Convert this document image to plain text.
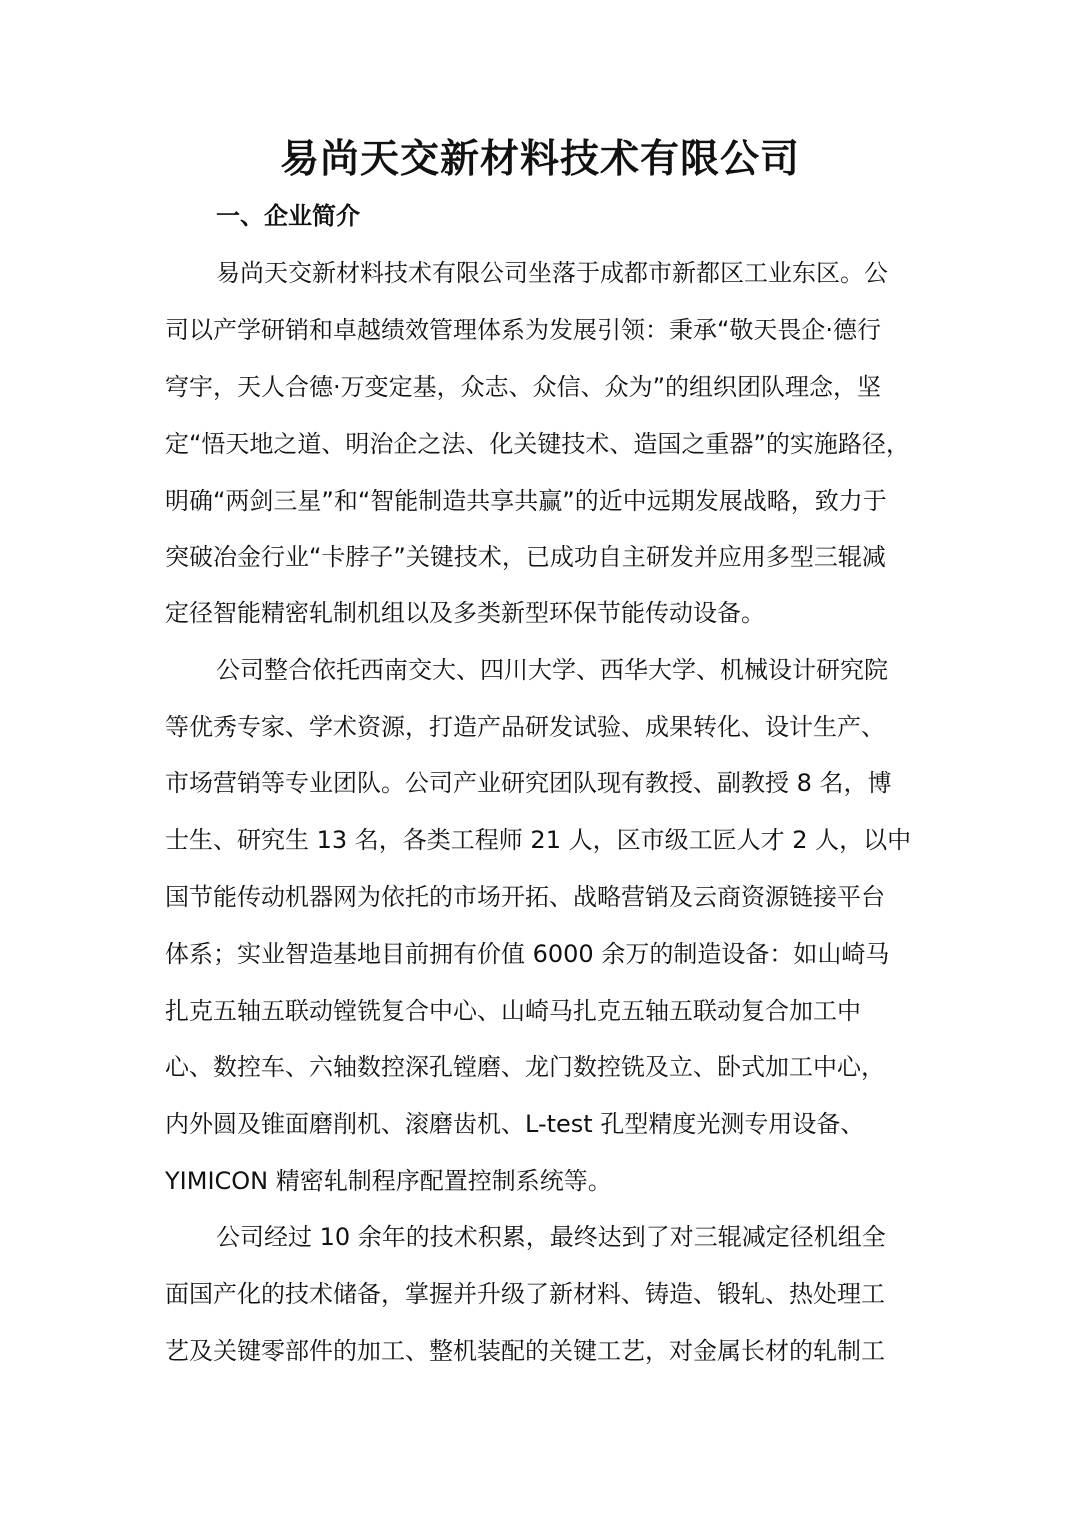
易尚天交新材料技术有限公司
一、企业简介

易尚天交新材料技术有限公司坐落于成都市新都区工业东区。公

司以产学研销和卓越绩效管理体系为发展引领：秉承“敬天畏企·德行

穹宇，天人合德·万变定基，众志、众信、众为”的组织团队理念，坚

定“悟天地之道、明治企之法、化关键技术、造国之重器”的实施路径，

明确“两剑三星”和“智能制造共享共赢”的近中远期发展战略，致力于

突破冶金行业“卡脖子”关键技术，已成功自主研发并应用多型三辊减

定径智能精密轧制机组以及多类新型环保节能传动设备。

公司整合依托西南交大、四川大学、西华大学、机械设计研究院

等优秀专家、学术资源，打造产品研发试验、成果转化、设计生产、

市场营销等专业团队。公司产业研究团队现有教授、副教授 8 名，博

士生、研究生 13 名，各类工程师 21 人，区市级工匠人才 2 人，以中

国节能传动机器网为依托的市场开拓、战略营销及云商资源链接平台

体系；实业智造基地目前拥有价值 6000 余万的制造设备：如山崎马

扎克五轴五联动镗铣复合中心、山崎马扎克五轴五联动复合加工中

心、数控车、六轴数控深孔镗磨、龙门数控铣及立、卧式加工中心，

内外圆及锥面磨削机、滚磨齿机、L-test 孔型精度光测专用设备、

YIMICON 精密轧制程序配置控制系统等。

公司经过 10 余年的技术积累，最终达到了对三辊减定径机组全

面国产化的技术储备，掌握并升级了新材料、铸造、锻轧、热处理工

艺及关键零部件的加工、整机装配的关键工艺，对金属长材的轧制工
